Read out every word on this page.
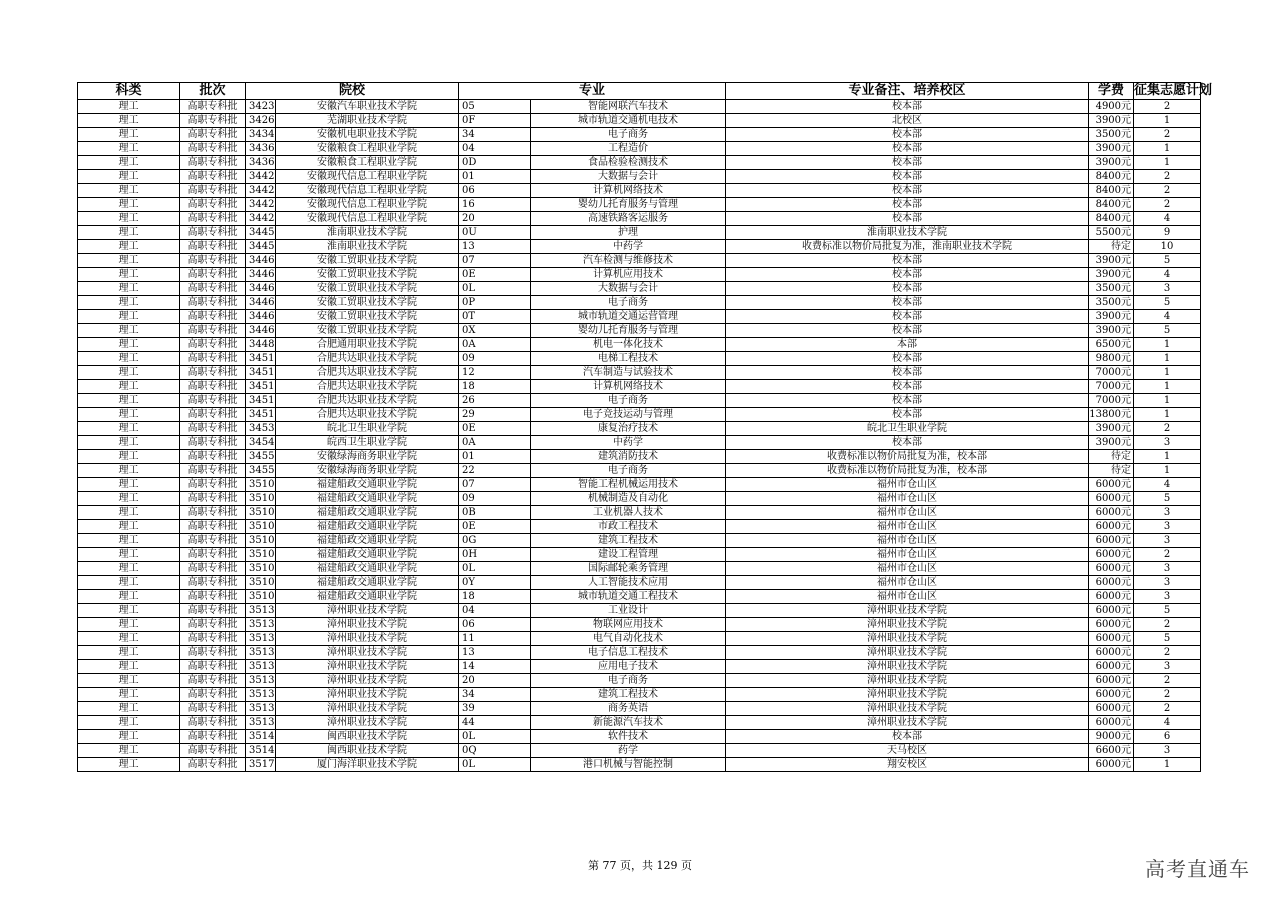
科类	批次	院校		专业		专业备注、培养校区	学费	征集志愿计划
理工	高职专科批	3423	安徽汽车职业技术学院	05	智能网联汽车技术	校本部	4900元	2
理工	高职专科批	3426	芜湖职业技术学院	0F	城市轨道交通机电技术	北校区	3900元	1
理工	高职专科批	3434	安徽机电职业技术学院	34	电子商务	校本部	3500元	2
理工	高职专科批	3436	安徽粮食工程职业学院	04	工程造价	校本部	3900元	1
理工	高职专科批	3436	安徽粮食工程职业学院	0D	食品检验检测技术	校本部	3900元	1
理工	高职专科批	3442	安徽现代信息工程职业学院	01	大数据与会计	校本部	8400元	2
理工	高职专科批	3442	安徽现代信息工程职业学院	06	计算机网络技术	校本部	8400元	2
理工	高职专科批	3442	安徽现代信息工程职业学院	16	婴幼儿托育服务与管理	校本部	8400元	2
理工	高职专科批	3442	安徽现代信息工程职业学院	20	高速铁路客运服务	校本部	8400元	4
理工	高职专科批	3445	淮南职业技术学院	0U	护理	淮南职业技术学院	5500元	9
理工	高职专科批	3445	淮南职业技术学院	13	中药学	收费标准以物价局批复为准，淮南职业技术学院	待定	10
理工	高职专科批	3446	安徽工贸职业技术学院	07	汽车检测与维修技术	校本部	3900元	5
理工	高职专科批	3446	安徽工贸职业技术学院	0E	计算机应用技术	校本部	3900元	4
理工	高职专科批	3446	安徽工贸职业技术学院	0L	大数据与会计	校本部	3500元	3
理工	高职专科批	3446	安徽工贸职业技术学院	0P	电子商务	校本部	3500元	5
理工	高职专科批	3446	安徽工贸职业技术学院	0T	城市轨道交通运营管理	校本部	3900元	4
理工	高职专科批	3446	安徽工贸职业技术学院	0X	婴幼儿托育服务与管理	校本部	3900元	5
理工	高职专科批	3448	合肥通用职业技术学院	0A	机电一体化技术	本部	6500元	1
理工	高职专科批	3451	合肥共达职业技术学院	09	电梯工程技术	校本部	9800元	1
理工	高职专科批	3451	合肥共达职业技术学院	12	汽车制造与试验技术	校本部	7000元	1
理工	高职专科批	3451	合肥共达职业技术学院	18	计算机网络技术	校本部	7000元	1
理工	高职专科批	3451	合肥共达职业技术学院	26	电子商务	校本部	7000元	1
理工	高职专科批	3451	合肥共达职业技术学院	29	电子竞技运动与管理	校本部	13800元	1
理工	高职专科批	3453	皖北卫生职业学院	0E	康复治疗技术	皖北卫生职业学院	3900元	2
理工	高职专科批	3454	皖西卫生职业学院	0A	中药学	校本部	3900元	3
理工	高职专科批	3455	安徽绿海商务职业学院	01	建筑消防技术	收费标准以物价局批复为准，校本部	待定	1
理工	高职专科批	3455	安徽绿海商务职业学院	22	电子商务	收费标准以物价局批复为准，校本部	待定	1
理工	高职专科批	3510	福建船政交通职业学院	07	智能工程机械运用技术	福州市仓山区	6000元	4
理工	高职专科批	3510	福建船政交通职业学院	09	机械制造及自动化	福州市仓山区	6000元	5
理工	高职专科批	3510	福建船政交通职业学院	0B	工业机器人技术	福州市仓山区	6000元	3
理工	高职专科批	3510	福建船政交通职业学院	0E	市政工程技术	福州市仓山区	6000元	3
理工	高职专科批	3510	福建船政交通职业学院	0G	建筑工程技术	福州市仓山区	6000元	3
理工	高职专科批	3510	福建船政交通职业学院	0H	建设工程管理	福州市仓山区	6000元	2
理工	高职专科批	3510	福建船政交通职业学院	0L	国际邮轮乘务管理	福州市仓山区	6000元	3
理工	高职专科批	3510	福建船政交通职业学院	0Y	人工智能技术应用	福州市仓山区	6000元	3
理工	高职专科批	3510	福建船政交通职业学院	18	城市轨道交通工程技术	福州市仓山区	6000元	3
理工	高职专科批	3513	漳州职业技术学院	04	工业设计	漳州职业技术学院	6000元	5
理工	高职专科批	3513	漳州职业技术学院	06	物联网应用技术	漳州职业技术学院	6000元	2
理工	高职专科批	3513	漳州职业技术学院	11	电气自动化技术	漳州职业技术学院	6000元	5
理工	高职专科批	3513	漳州职业技术学院	13	电子信息工程技术	漳州职业技术学院	6000元	2
理工	高职专科批	3513	漳州职业技术学院	14	应用电子技术	漳州职业技术学院	6000元	3
理工	高职专科批	3513	漳州职业技术学院	20	电子商务	漳州职业技术学院	6000元	2
理工	高职专科批	3513	漳州职业技术学院	34	建筑工程技术	漳州职业技术学院	6000元	2
理工	高职专科批	3513	漳州职业技术学院	39	商务英语	漳州职业技术学院	6000元	2
理工	高职专科批	3513	漳州职业技术学院	44	新能源汽车技术	漳州职业技术学院	6000元	4
理工	高职专科批	3514	闽西职业技术学院	0L	软件技术	校本部	9000元	6
理工	高职专科批	3514	闽西职业技术学院	0Q	药学	天马校区	6600元	3
理工	高职专科批	3517	厦门海洋职业技术学院	0L	港口机械与智能控制	翔安校区	6000元	1
第 77 页，共 129 页	高考直通车
